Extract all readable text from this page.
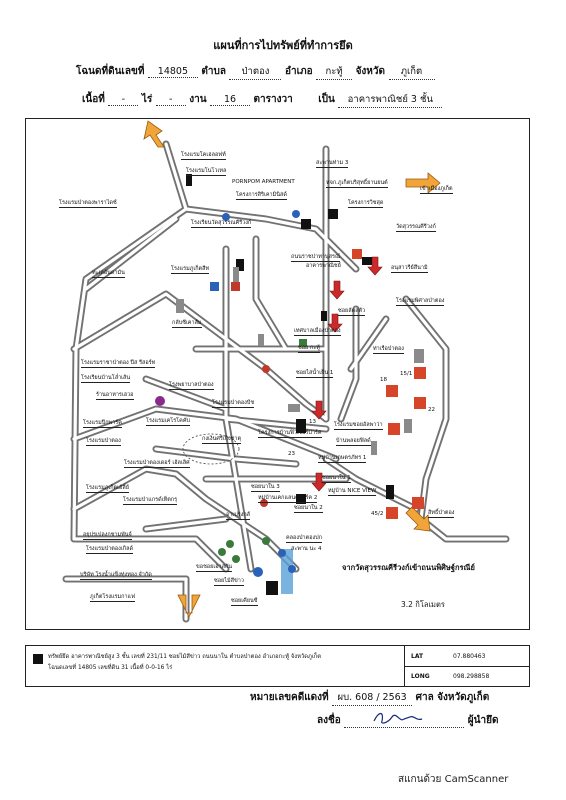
แผนที่การไปทรัพย์ที่ทำการยึด
โฉนดที่ดินเลขที่ 14805 ตำบล ป่าตอง อำเภอ กะทู้ จังหวัด ภูเก็ต
เนื้อที่ - ไร่ - งาน 16 ตารางวา	เป็น อาคารพาณิชย์ 3 ชั้น
โรงแรมโคเฮลอฟท์
โรงแรมโนโวเทล
PORNPOM APARTMENT
สะพานท่าม 3
โครงการสิริเคามินิสด์
หจก.ภูเก็ตบริสุทธิ์ยานยนต์
โครงการวิชสุด
เข้าเมืองภูเก็ต
โรงเรียนวัดสุวรรณคีรีวงก์
วัดสุวรรณคีรีวงก์
โรงแรมป่าตองพาราไดซ์
ถนนราชปาทานุสรณ์
อาคารพาณิชย์
โรงแรมภูเก็ตสีท	อนุสาวรีย์สึนามิ
ทะเลอันดามัน
โรงแรมพิศาลป่าตอง
ซอยลัดสตัว
กลับซีเคาส์ม
เทศบาลเมืองป่าตอง
ซอย กะทู้	ท่าเรือป่าตอง
โรงแรมราชาป่าตอง ปีส รีสอร์ท
โรงเรียนบ้านโล่ำเส้น
ซอยไสน้ำเย็น 1
โรงพยาบาลป่าตอง
โรงแรมป่าตองบีช
ร้านอาหารเฮวอ
โรงแรมปีกพาร์ค
โรงแรมป่าตอง
โรงแรมเคโรโคคับ
กงเงินศรีเกิงชาตุ
โรงแรมป่าตองเดอร์ เฮ้ลเลิศ
โรงแรมภูเก็ตเฮ้ลี่ย์
โรงแรมป่าแกรด์เท็ตกรุ
อยุปรเปลงกชามพันจ์
โรงแรมป่าตองเกิลด์
บริษัท โรงน้ำแข็งทุ่งทอง จำกัด
ภูเก็ตโรงแรมกาแฟ
จาเปร่งกส์
ซอยไม้สีข่าว
ซอยเคียนซี
ขอชอยเอาสกัน
หมู่บ้านเคกแลนด์พาร์ค 2
โครงการบ้านฟิวเจอร์ปาร์ค
หมู่บ้านเกษตรภัทร 1
โรงแรมซอยอัลพาว่า
บ้านพลอยฟิลด์
หมู่บ้าน NICE VIEW
ซอยนาใน 1
ซอยนาใน 2
ซอยนาใน 3
คลองป่าตองปก
สะพาน นะ 4
สิทธิ์ป่าตอง
18
22
15/1
45/2
13
23
จากวัดสุวรรณคีรีวงก์เข้าถนนพิศิษฐ์กรณีย์
3.2 กิโลเมตร
ทรัพย์ยึด อาคารพาณิชย์สูง 3 ชั้น เลขที่ 231/11 ซอยไม้สีข่าว ถนนนาใน ตำบลป่าตอง อำเภอกะทู้ จังหวัดภูเก็ต
โฉนดเลขที่ 14805 เลขที่ดิน 31 เนื้อที่ 0-0-16 ไร่
LAT	07.880463
LONG	098.298858
หมายเลขคดีแดงที่ ผบ. 608 / 2563 ศาล จังหวัดภูเก็ต
ลงชื่อ	ผู้นำยึด
สแกนด้วย CamScanner
